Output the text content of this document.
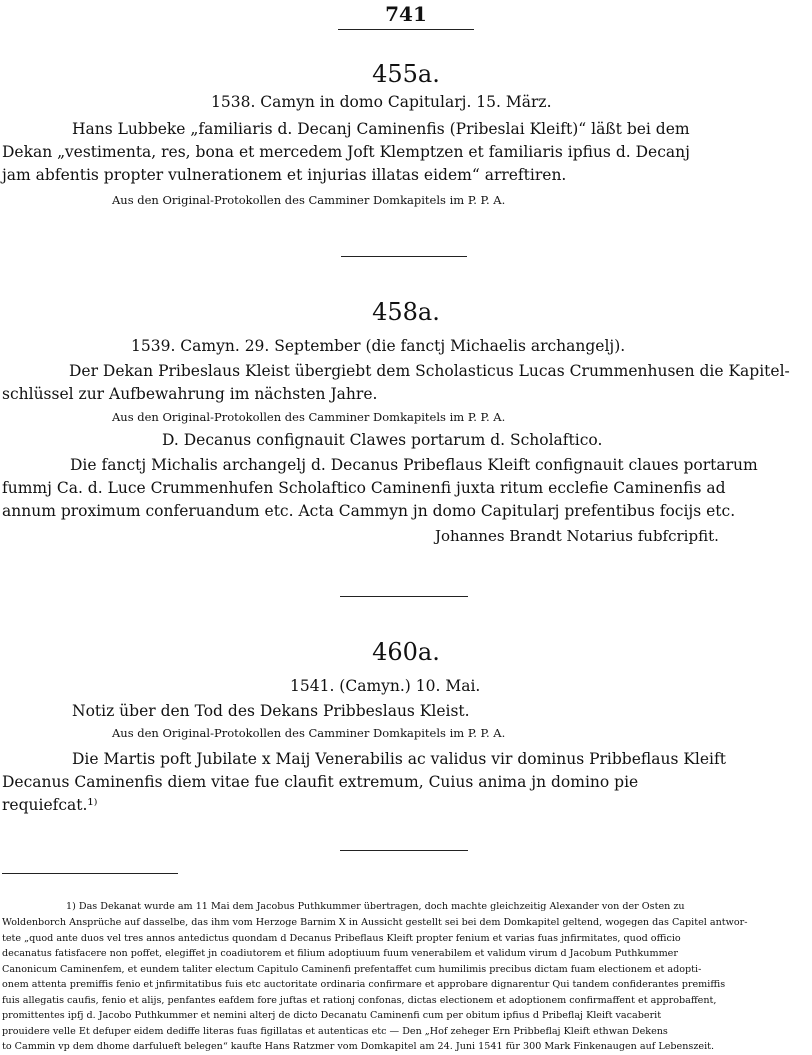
741
455a.
1538. Camyn in domo Capitularj. 15. März.
Hans Lubbeke „familiaris d. Decanj Caminenfis (Pribeslai Kleift)“ läßt bei dem
Dekan „vestimenta, res, bona et mercedem Joft Klemptzen et familiaris ipfius d. Decanj
jam abfentis propter vulnerationem et injurias illatas eidem“ arreftiren.
Aus den Original-Protokollen des Camminer Domkapitels im P. P. A.
458a.
1539. Camyn. 29. September (die fanctj Michaelis archangelj).
Der Dekan Pribeslaus Kleist übergiebt dem Scholasticus Lucas Crummenhusen die Kapitel-
schlüssel zur Aufbewahrung im nächsten Jahre.
Aus den Original-Protokollen des Camminer Domkapitels im P. P. A.
D. Decanus confignauit Clawes portarum d. Scholaftico.
Die fanctj Michalis archangelj d. Decanus Pribeflaus Kleift confignauit claues portarum
fummj Ca. d. Luce Crummenhufen Scholaftico Caminenfi juxta ritum ecclefie Caminenfis ad
annum proximum conferuandum etc. Acta Cammyn jn domo Capitularj prefentibus focijs etc.
Johannes Brandt Notarius fubfcripfit.
460a.
1541. (Camyn.) 10. Mai.
Notiz über den Tod des Dekans Pribbeslaus Kleist.
Aus den Original-Protokollen des Camminer Domkapitels im P. P. A.
Die Martis poft Jubilate x Maij Venerabilis ac validus vir dominus Pribbeflaus Kleift
Decanus Caminenfis diem vitae fue claufit extremum, Cuius anima jn domino pie
requiefcat.¹⁾
1) Das Dekanat wurde am 11 Mai dem Jacobus Puthkummer übertragen, doch machte gleichzeitig Alexander von der Osten zu
Woldenborch Ansprüche auf dasselbe, das ihm vom Herzoge Barnim X in Aussicht gestellt sei bei dem Domkapitel geltend, wogegen das Capitel antwor-
tete „quod ante duos vel tres annos antedictus quondam d Decanus Pribeflaus Kleift propter fenium et varias fuas jnfirmitates, quod officio
decanatus fatisfacere non poffet, elegiffet jn coadiutorem et filium adoptiuum fuum venerabilem et validum virum d Jacobum Puthkummer
Canonicum Caminenfem, et eundem taliter electum Capitulo Caminenfi prefentaffet cum humilimis precibus dictam fuam electionem et adopti-
onem attenta premiffis fenio et jnfirmitatibus fuis etc auctoritate ordinaria confirmare et approbare dignarentur Qui tandem confiderantes premiffis
fuis allegatis caufis, fenio et alijs, penfantes eafdem fore juftas et rationj confonas, dictas electionem et adoptionem confirmaffent et approbaffent,
promittentes ipfj d. Jacobo Puthkummer et nemini alterj de dicto Decanatu Caminenfi cum per obitum ipfius d Pribeflaj Kleift vacaberit
prouidere velle Et defuper eidem dediffe literas fuas figillatas et autenticas etc — Den „Hof zeheger Ern Pribbeflaj Kleift ethwan Dekens
to Cammin vp dem dhome darfulueft belegen“ kaufte Hans Ratzmer vom Domkapitel am 24. Juni 1541 für 300 Mark Finkenaugen auf Lebenszeit.
